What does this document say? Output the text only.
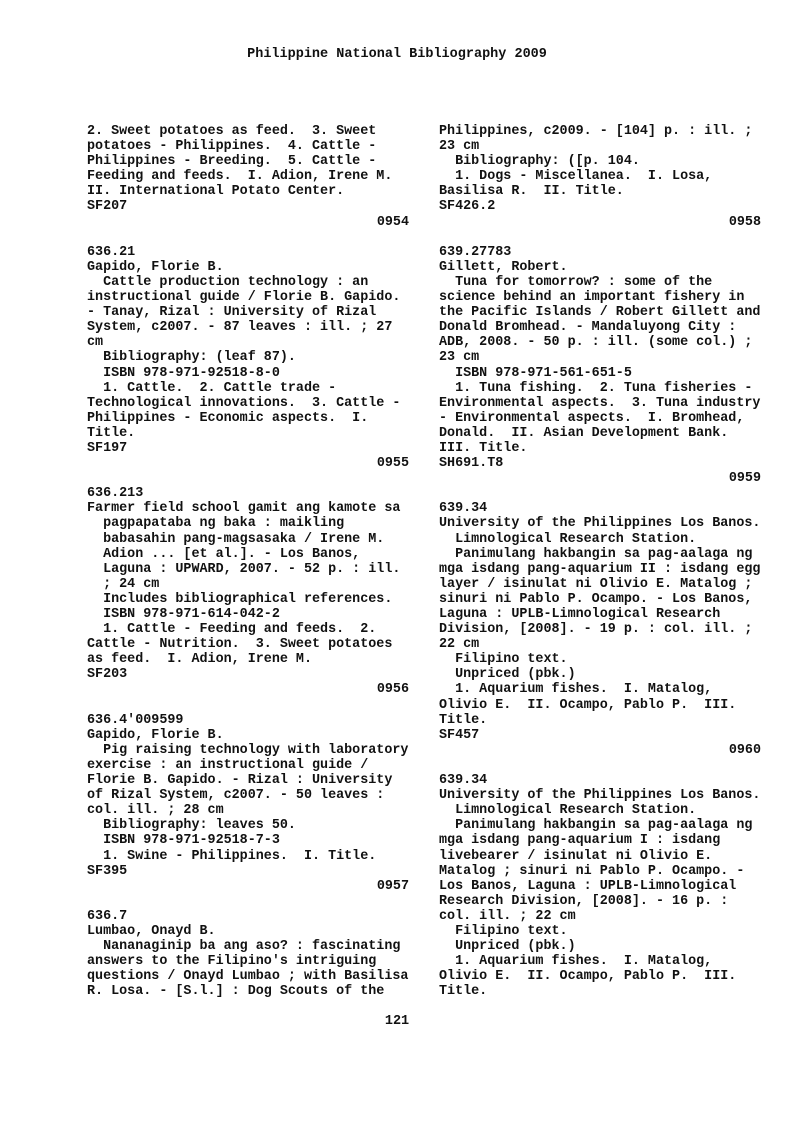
Philippine National Bibliography 2009
2. Sweet potatoes as feed.  3. Sweet
potatoes - Philippines.  4. Cattle -
Philippines - Breeding.  5. Cattle -
Feeding and feeds.  I. Adion, Irene M.
II. International Potato Center.
SF207
0954
636.21
Gapido, Florie B.
Cattle production technology : an
instructional guide / Florie B. Gapido.
- Tanay, Rizal : University of Rizal
System, c2007. - 87 leaves : ill. ; 27
cm
Bibliography: (leaf 87).
ISBN 978-971-92518-8-0
1. Cattle.  2. Cattle trade -
Technological innovations.  3. Cattle -
Philippines - Economic aspects.  I.
Title.
SF197
0955
636.213
Farmer field school gamit ang kamote sa
pagpapataba ng baka : maikling
babasahin pang-magsasaka / Irene M.
Adion ... [et al.]. - Los Banos,
Laguna : UPWARD, 2007. - 52 p. : ill.
; 24 cm
Includes bibliographical references.
ISBN 978-971-614-042-2
1. Cattle - Feeding and feeds.  2.
Cattle - Nutrition.  3. Sweet potatoes
as feed.  I. Adion, Irene M.
SF203
0956
636.4'009599
Gapido, Florie B.
Pig raising technology with laboratory
exercise : an instructional guide /
Florie B. Gapido. - Rizal : University
of Rizal System, c2007. - 50 leaves :
col. ill. ; 28 cm
Bibliography: leaves 50.
ISBN 978-971-92518-7-3
1. Swine - Philippines.  I. Title.
SF395
0957
636.7
Lumbao, Onayd B.
Nananaginip ba ang aso? : fascinating
answers to the Filipino's intriguing
questions / Onayd Lumbao ; with Basilisa
R. Losa. - [S.l.] : Dog Scouts of the
Philippines, c2009. - [104] p. : ill. ;
23 cm
Bibliography: ([p. 104.
1. Dogs - Miscellanea.  I. Losa,
Basilisa R.  II. Title.
SF426.2
0958
639.27783
Gillett, Robert.
Tuna for tomorrow? : some of the
science behind an important fishery in
the Pacific Islands / Robert Gillett and
Donald Bromhead. - Mandaluyong City :
ADB, 2008. - 50 p. : ill. (some col.) ;
23 cm
ISBN 978-971-561-651-5
1. Tuna fishing.  2. Tuna fisheries -
Environmental aspects.  3. Tuna industry
- Environmental aspects.  I. Bromhead,
Donald.  II. Asian Development Bank.
III. Title.
SH691.T8
0959
639.34
University of the Philippines Los Banos.
Limnological Research Station.
Panimulang hakbangin sa pag-aalaga ng
mga isdang pang-aquarium II : isdang egg
layer / isinulat ni Olivio E. Matalog ;
sinuri ni Pablo P. Ocampo. - Los Banos,
Laguna : UPLB-Limnological Research
Division, [2008]. - 19 p. : col. ill. ;
22 cm
Filipino text.
Unpriced (pbk.)
1. Aquarium fishes.  I. Matalog,
Olivio E.  II. Ocampo, Pablo P.  III.
Title.
SF457
0960
639.34
University of the Philippines Los Banos.
Limnological Research Station.
Panimulang hakbangin sa pag-aalaga ng
mga isdang pang-aquarium I : isdang
livebearer / isinulat ni Olivio E.
Matalog ; sinuri ni Pablo P. Ocampo. -
Los Banos, Laguna : UPLB-Limnological
Research Division, [2008]. - 16 p. :
col. ill. ; 22 cm
Filipino text.
Unpriced (pbk.)
1. Aquarium fishes.  I. Matalog,
Olivio E.  II. Ocampo, Pablo P.  III.
Title.
121
